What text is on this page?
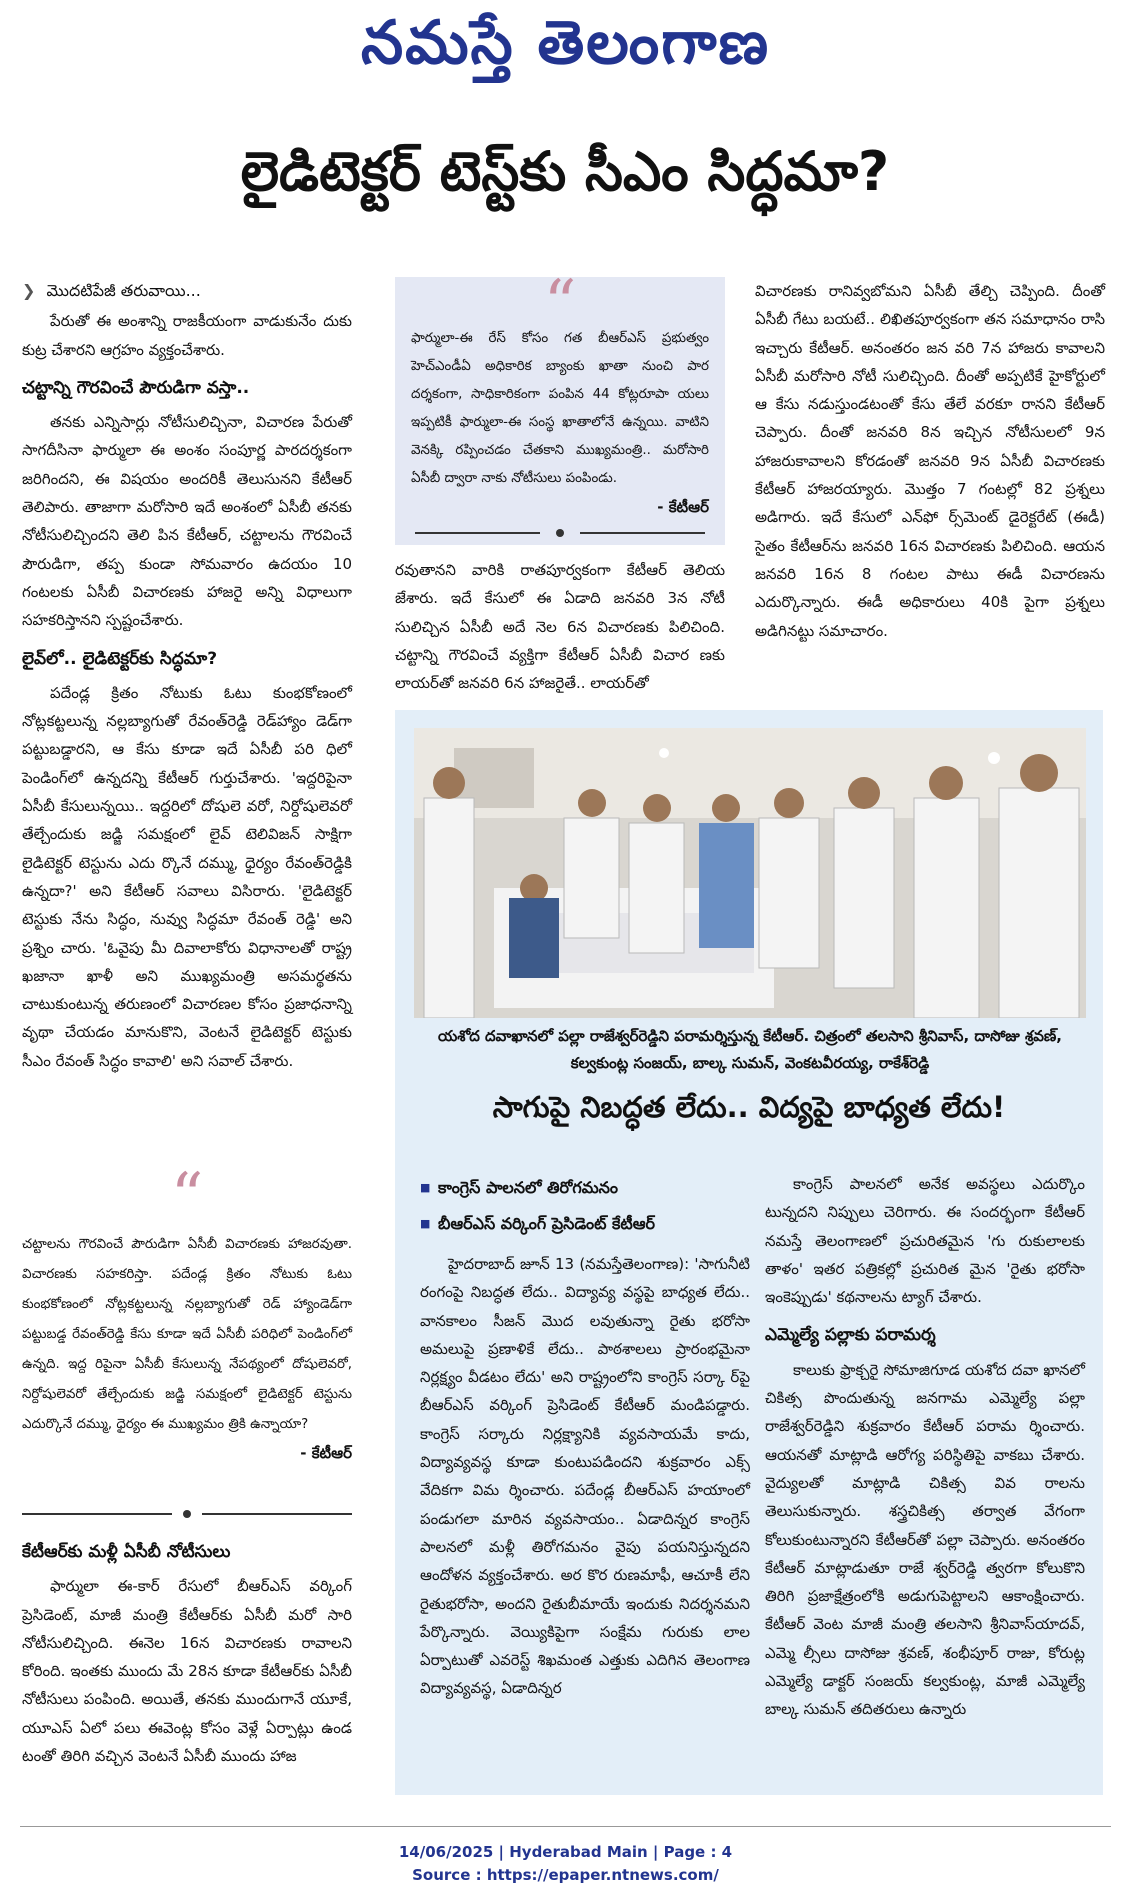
నమస్తే తెలంగాణ
లైడిటెక్టర్ టెస్ట్‌కు సీఎం సిద్ధమా?
❯ మొదటిపేజీ తరువాయి...

పేరుతో ఈ అంశాన్ని రాజకీయంగా వాడుకునేం దుకు కుట్ర చేశారని ఆగ్రహం వ్యక్తంచేశారు.

చట్టాన్ని గౌరవించే పౌరుడిగా వస్తా..

తనకు ఎన్నిసార్లు నోటీసులిచ్చినా, విచారణ పేరుతో సాగదీసినా ఫార్ములా ఈ అంశం సంపూర్ణ పారదర్శకంగా జరిగిందని, ఈ విషయం అందరికీ తెలుసునని కేటీఆర్ తెలిపారు. తాజాగా మరోసారి ఇదే అంశంలో ఏసీబీ తనకు నోటీసులిచ్చిందని తెలి పిన కేటీఆర్, చట్టాలను గౌరవించే పౌరుడిగా, తప్ప కుండా సోమవారం ఉదయం 10 గంటలకు ఏసీబీ విచారణకు హాజరై అన్ని విధాలుగా సహకరిస్తానని స్పష్టంచేశారు.

లైవ్‌లో.. లైడిటెక్టర్‌కు సిద్ధమా?

పదేండ్ల క్రితం నోటుకు ఓటు కుంభకోణంలో నోట్లకట్టలున్న నల్లబ్యాగుతో రేవంత్‌రెడ్డి రెడ్‌హ్యాం డెడ్‌గా పట్టుబడ్డారని, ఆ కేసు కూడా ఇదే ఏసీబీ పరి ధిలో పెండింగ్‌లో ఉన్నదన్ని కేటీఆర్ గుర్తుచేశారు. 'ఇద్దరిపైనా ఏసీబీ కేసులున్నయి.. ఇద్దరిలో దోషులె వరో, నిర్దోషులెవరో తేల్చేందుకు జడ్జి సమక్షంలో లైవ్ టెలివిజన్ సాక్షిగా లైడిటెక్టర్ టెస్టును ఎదు ర్కొనే దమ్ము, ధైర్యం రేవంత్‌రెడ్డికి ఉన్నదా?' అని కేటీఆర్ సవాలు విసిరారు. 'లైడిటెక్టర్ టెస్టుకు నేను సిద్ధం, నువ్వు సిద్ధమా రేవంత్ రెడ్డి' అని ప్రశ్నిం చారు. 'ఓవైపు మీ దివాలాకోరు విధానాలతో రాష్ట్ర ఖజానా ఖాళీ అని ముఖ్యమంత్రి అసమర్థతను చాటుకుంటున్న తరుణంలో విచారణల కోసం ప్రజాధనాన్ని వృథా చేయడం మానుకొని, వెంటనే లైడిటెక్టర్ టెస్టుకు సీఎం రేవంత్ సిద్ధం కావాలి' అని సవాల్ చేశారు.

“
చట్టాలను గౌరవించే పౌరుడిగా ఏసీబీ విచారణకు హాజరవుతా. విచారణకు సహకరిస్తా. పదేండ్ల క్రితం నోటుకు ఓటు కుంభకోణంలో నోట్లకట్టలున్న నల్లబ్యాగుతో రెడ్ హ్యాండెడ్‌గా పట్టుబడ్డ రేవంత్‌రెడ్డి కేసు కూడా ఇదే ఏసీబీ పరిధిలో పెండింగ్‌లో ఉన్నది. ఇద్ద రిపైనా ఏసీబీ కేసులున్న నేపథ్యంలో దోషులెవరో, నిర్దోషులెవరో తేల్చేందుకు జడ్జి సమక్షంలో లైడిటెక్టర్ టెస్టును ఎదుర్కొనే దమ్ము, ధైర్యం ఈ ముఖ్యమం త్రికి ఉన్నాయా?
- కేటీఆర్
కేటీఆర్‌కు మళ్లీ ఏసీబీ నోటీసులు

ఫార్ములా ఈ-కార్ రేసులో బీఆర్‌ఎస్ వర్కింగ్ ప్రెసిడెంట్, మాజీ మంత్రి కేటీఆర్‌కు ఏసీబీ మరో సారి నోటీసులిచ్చింది. ఈనెల 16న విచారణకు రావాలని కోరింది. ఇంతకు ముందు మే 28న కూడా కేటీఆర్‌కు ఏసీబీ నోటీసులు పంపింది. అయితే, తనకు ముందుగానే యూకే, యూఎస్ ఏలో పలు ఈవెంట్ల కోసం వెళ్లే ఏర్పాట్లు ఉండ టంతో తిరిగి వచ్చిన వెంటనే ఏసీబీ ముందు హాజ

“
ఫార్ములా-ఈ రేస్ కోసం గత బీఆర్‌ఎస్ ప్రభుత్వం హెచ్‌ఎండీఏ అధికారిక బ్యాంకు ఖాతా నుంచి పార దర్శకంగా, సాధికారికంగా పంపిన 44 కోట్లరూపా యలు ఇప్పటికీ ఫార్ములా-ఈ సంస్థ ఖాతాలోనే ఉన్నయి. వాటిని వెనక్కి రప్పించడం చేతకాని ముఖ్యమంత్రి.. మరోసారి ఏసీబీ ద్వారా నాకు నోటీసులు పంపిండు.
- కేటీఆర్

రవుతానని వారికి రాతపూర్వకంగా కేటీఆర్ తెలియ జేశారు. ఇదే కేసులో ఈ ఏడాది జనవరి 3న నోటీ సులిచ్చిన ఏసీబీ అదే నెల 6న విచారణకు పిలిచింది. చట్టాన్ని గౌరవించే వ్యక్తిగా కేటీఆర్ ఏసీబీ విచార ణకు లాయర్‌తో జనవరి 6న హాజరైతే.. లాయర్‌తో

విచారణకు రానివ్వబోమని ఏసీబీ తేల్చి చెప్పింది. దీంతో ఏసీబీ గేటు బయటే.. లిఖితపూర్వకంగా తన సమాధానం రాసి ఇచ్చారు కేటీఆర్. అనంతరం జన వరి 7న హాజరు కావాలని ఏసీబీ మరోసారి నోటీ సులిచ్చింది. దీంతో అప్పటికే హైకోర్టులో ఆ కేసు నడుస్తుండటంతో కేసు తేలే వరకూ రానని కేటీఆర్ చెప్పారు. దీంతో జనవరి 8న ఇచ్చిన నోటీసులలో 9న హాజరుకావాలని కోరడంతో జనవరి 9న ఏసీబీ విచారణకు కేటీఆర్ హాజరయ్యారు. మొత్తం 7 గంటల్లో 82 ప్రశ్నలు అడిగారు. ఇదే కేసులో ఎన్‌ఫో ర్స్‌మెంట్ డైరెక్టరేట్ (ఈడీ) సైతం కేటీఆర్‌ను జనవరి 16న విచారణకు పిలిచింది. ఆయన జనవరి 16న 8 గంటల పాటు ఈడీ విచారణను ఎదుర్కొన్నారు. ఈడీ అధికారులు 40కి పైగా ప్రశ్నలు అడిగినట్టు సమాచారం.

యశోద దవాఖానలో పల్లా రాజేశ్వర్‌రెడ్డిని పరామర్శిస్తున్న కేటీఆర్. చిత్రంలో తలసాని శ్రీనివాస్, దాసోజు శ్రవణ్, కల్వకుంట్ల సంజయ్, బాల్క సుమన్, వెంకటవీరయ్య, రాకేశ్‌రెడ్డి
సాగుపై నిబద్ధత లేదు.. విద్యపై బాధ్యత లేదు!
■ కాంగ్రెస్ పాలనలో తిరోగమనం
■ బీఆర్‌ఎస్ వర్కింగ్ ప్రెసిడెంట్ కేటీఆర్

హైదరాబాద్ జూన్ 13 (నమస్తేతెలంగాణ): 'సాగునీటి రంగంపై నిబద్ధత లేదు.. విద్యావ్య వస్థపై బాధ్యత లేదు.. వానకాలం సీజన్ మొద లవుతున్నా రైతు భరోసా అమలుపై ప్రణాళికే లేదు.. పాఠశాలలు ప్రారంభమైనా నిర్లక్ష్యం వీడటం లేదు' అని రాష్ట్రంలోని కాంగ్రెస్ సర్కా ర్‌పై బీఆర్‌ఎస్ వర్కింగ్ ప్రెసిడెంట్ కేటీఆర్ మండిపడ్డారు. కాంగ్రెస్ సర్కారు నిర్లక్ష్యానికి వ్యవసాయమే కాదు, విద్యావ్యవస్థ కూడా కుంటుపడిందని శుక్రవారం ఎక్స్ వేదికగా విమ ర్శించారు. పదేండ్ల బీఆర్‌ఎస్ హయాంలో పండుగలా మారిన వ్యవసాయం.. ఏడాదిన్నర కాంగ్రెస్ పాలనలో మళ్లీ తిరోగమనం వైపు పయనిస్తున్నదని ఆందోళన వ్యక్తంచేశారు. అర కొర రుణమాఫీ, ఆచూకీ లేని రైతుభరోసా, అందని రైతుబీమాయే ఇందుకు నిదర్శనమని పేర్కొన్నారు. వెయ్యికిపైగా సంక్షేమ గురుకు లాల ఏర్పాటుతో ఎవరెస్ట్ శిఖమంత ఎత్తుకు ఎదిగిన తెలంగాణ విద్యావ్యవస్థ, ఏడాదిన్నర

కాంగ్రెస్ పాలనలో అనేక అవస్థలు ఎదుర్కొం టున్నదని నిప్పులు చెరిగారు. ఈ సందర్భంగా కేటీఆర్ నమస్తే తెలంగాణలో ప్రచురితమైన 'గు రుకులాలకు తాళం' ఇతర పత్రికల్లో ప్రచురిత మైన 'రైతు భరోసా ఇంకెప్పుడు' కథనాలను ట్యాగ్ చేశారు.

ఎమ్మెల్యే పల్లాకు పరామర్శ

కాలుకు ఫ్రాక్చరై సోమాజిగూడ యశోద దవా ఖానలో చికిత్స పొందుతున్న జనగామ ఎమ్మెల్యే పల్లా రాజేశ్వర్‌రెడ్డిని శుక్రవారం కేటీఆర్ పరామ ర్శించారు. ఆయనతో మాట్లాడి ఆరోగ్య పరిస్థితిపై వాకబు చేశారు. వైద్యులతో మాట్లాడి చికిత్స వివ రాలను తెలుసుకున్నారు. శస్త్రచికిత్స తర్వాత వేగంగా కోలుకుంటున్నారని కేటీఆర్‌తో పల్లా చెప్పారు. అనంతరం కేటీఆర్ మాట్లాడుతూ రాజే శ్వర్‌రెడ్డి త్వరగా కోలుకొని తిరిగి ప్రజాక్షేత్రంలోకి అడుగుపెట్టాలని ఆకాంక్షించారు. కేటీఆర్ వెంట మాజీ మంత్రి తలసాని శ్రీనివాస్‌యాదవ్, ఎమ్మె ల్సీలు దాసోజు శ్రవణ్, శంభీపూర్ రాజు, కోరుట్ల ఎమ్మెల్యే డాక్టర్ సంజయ్ కల్వకుంట్ల, మాజీ ఎమ్మెల్యే బాల్క సుమన్ తదితరులు ఉన్నారు

14/06/2025 | Hyderabad Main | Page : 4
Source : https://epaper.ntnews.com/
